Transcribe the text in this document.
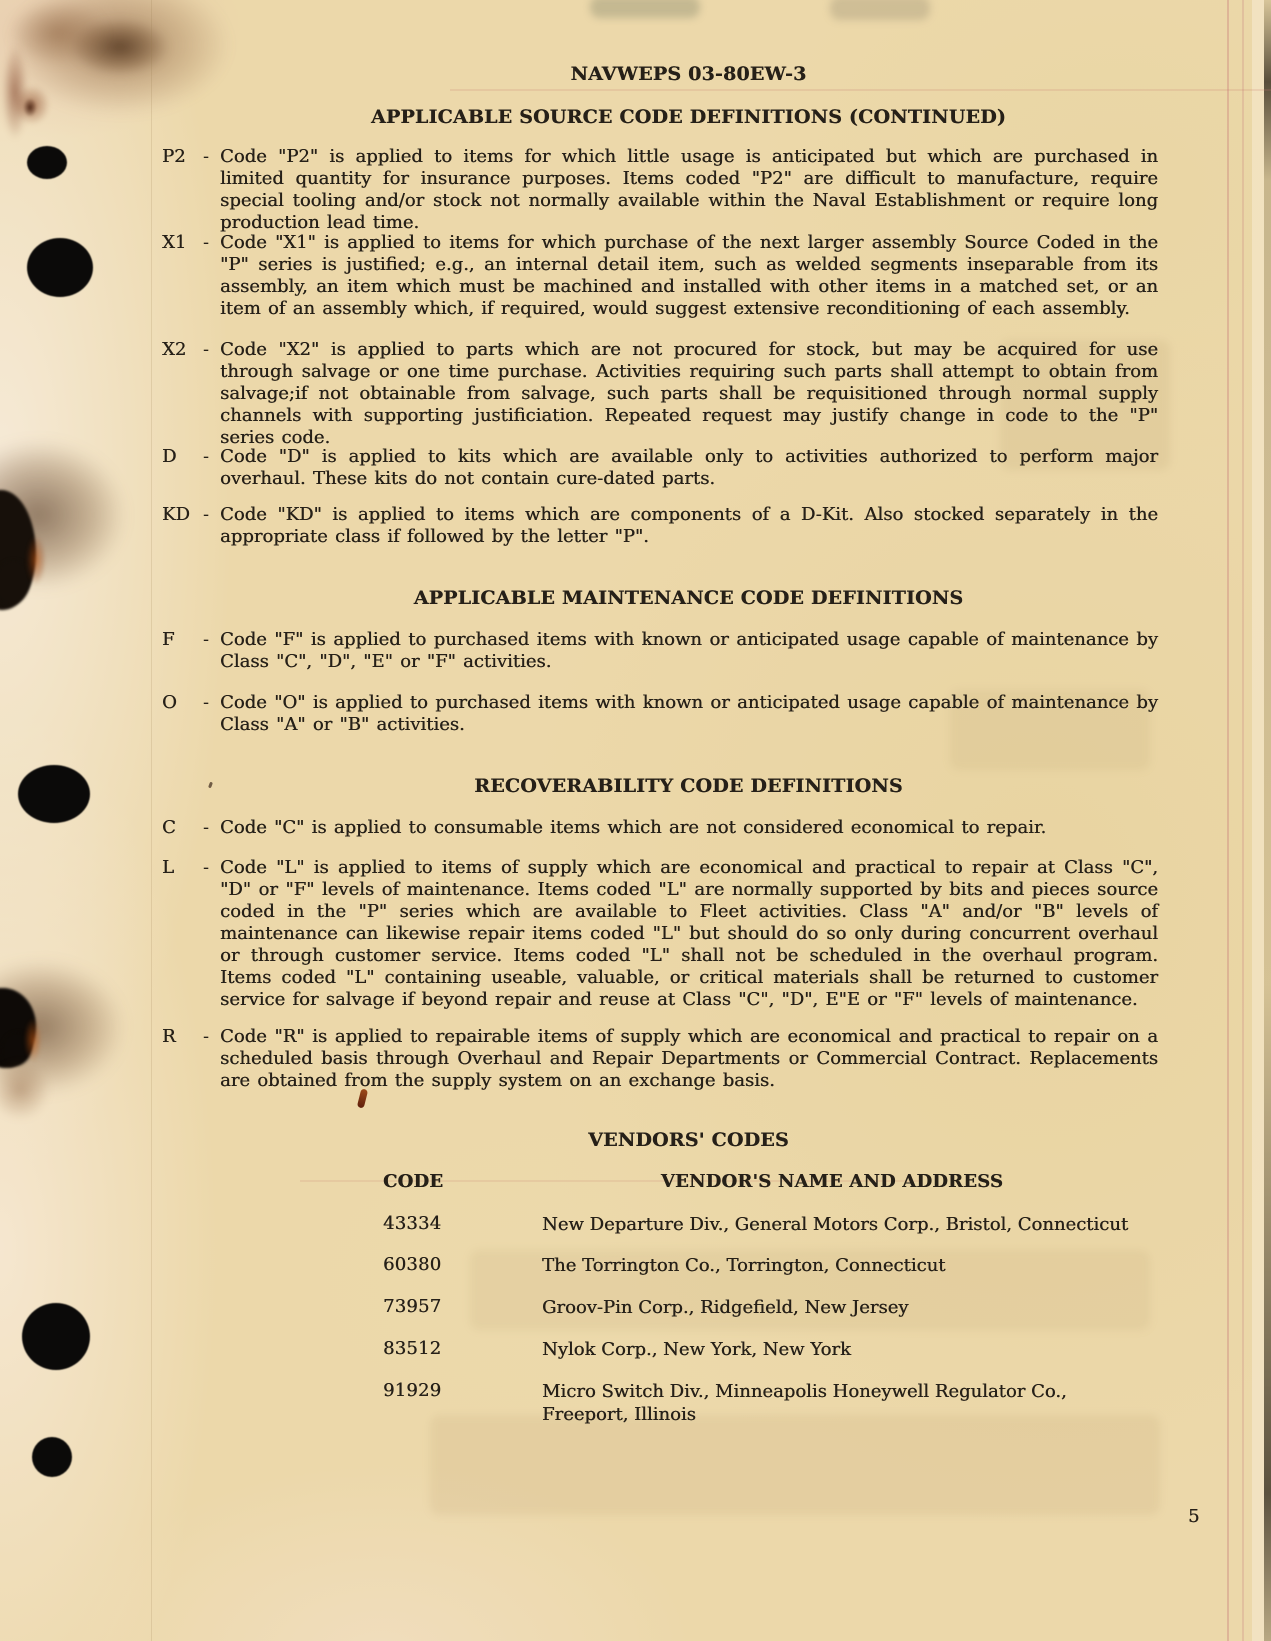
NAVWEPS 03-80EW-3
APPLICABLE SOURCE CODE DEFINITIONS (CONTINUED)
P2 - Code "P2" is applied to items for which little usage is anticipated but which are purchased in limited quantity for insurance purposes. Items coded "P2" are difficult to manufacture, require special tooling and/or stock not normally available within the Naval Establishment or require long production lead time.
X1 - Code "X1" is applied to items for which purchase of the next larger assembly Source Coded in the "P" series is justified; e.g., an internal detail item, such as welded segments inseparable from its assembly, an item which must be machined and installed with other items in a matched set, or an item of an assembly which, if required, would suggest extensive reconditioning of each assembly.
X2 - Code "X2" is applied to parts which are not procured for stock, but may be acquired for use through salvage or one time purchase. Activities requiring such parts shall attempt to obtain from salvage;if not obtainable from salvage, such parts shall be requisitioned through normal supply channels with supporting justificiation. Repeated request may justify change in code to the "P" series code.
D	- Code "D" is applied to kits which are available only to activities authorized to perform major overhaul. These kits do not contain cure-dated parts.
KD - Code "KD" is applied to items which are components of a D-Kit. Also stocked separately in the appropriate class if followed by the letter "P".
APPLICABLE MAINTENANCE CODE DEFINITIONS
F	- Code "F" is applied to purchased items with known or anticipated usage capable of maintenance by Class "C", "D", "E" or "F" activities.
O	- Code "O" is applied to purchased items with known or anticipated usage capable of maintenance by Class "A" or "B" activities.
RECOVERABILITY CODE DEFINITIONS
C	- Code "C" is applied to consumable items which are not considered economical to repair.
L	- Code "L" is applied to items of supply which are economical and practical to repair at Class "C", "D" or "F" levels of maintenance. Items coded "L" are normally supported by bits and pieces source coded in the "P" series which are available to Fleet activities. Class "A" and/or "B" levels of maintenance can likewise repair items coded "L" but should do so only during concurrent overhaul or through customer service. Items coded "L" shall not be scheduled in the overhaul program. Items coded "L" containing useable, valuable, or critical materials shall be returned to customer service for salvage if beyond repair and reuse at Class "C", "D", E"E or "F" levels of maintenance.
R	- Code "R" is applied to repairable items of supply which are economical and practical to repair on a scheduled basis through Overhaul and Repair Departments or Commercial Contract. Replacements are obtained from the supply system on an exchange basis.
VENDORS' CODES
CODE	VENDOR'S NAME AND ADDRESS
43334	New Departure Div., General Motors Corp., Bristol, Connecticut
60380	The Torrington Co., Torrington, Connecticut
73957	Groov-Pin Corp., Ridgefield, New Jersey
83512	Nylok Corp., New York, New York
91929	Micro Switch Div., Minneapolis Honeywell Regulator Co.,
Freeport, Illinois
5
